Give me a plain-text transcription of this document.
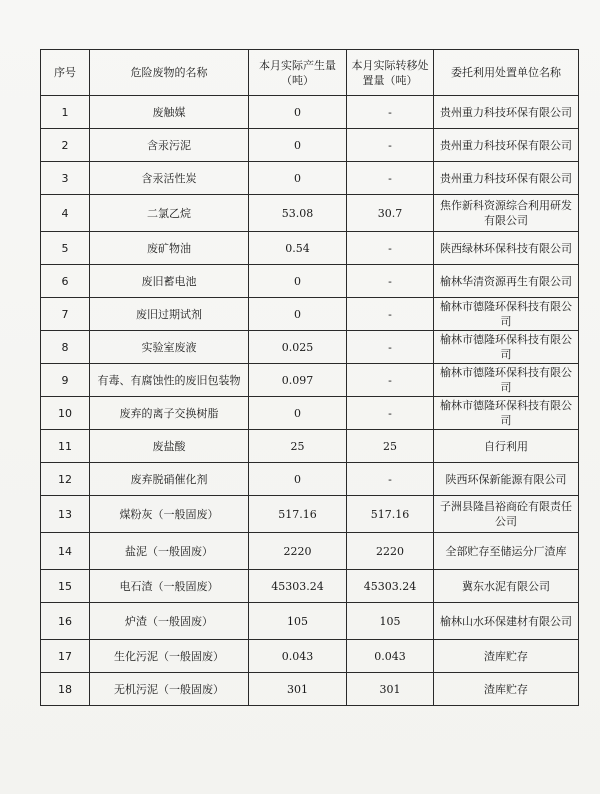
序号	危险废物的名称	本月实际产生量（吨）	本月实际转移处置量（吨）	委托利用处置单位名称
1	废触媒	0	-	贵州重力科技环保有限公司
2	含汞污泥	0	-	贵州重力科技环保有限公司
3	含汞活性炭	0	-	贵州重力科技环保有限公司
4	二氯乙烷	53.08	30.7	焦作新科资源综合利用研发有限公司
5	废矿物油	0.54	-	陕西绿林环保科技有限公司
6	废旧蓄电池	0	-	榆林华清资源再生有限公司
7	废旧过期试剂	0	-	榆林市德隆环保科技有限公司
8	实验室废液	0.025	-	榆林市德隆环保科技有限公司
9	有毒、有腐蚀性的废旧包装物	0.097	-	榆林市德隆环保科技有限公司
10	废弃的离子交换树脂	0	-	榆林市德隆环保科技有限公司
11	废盐酸	25	25	自行利用
12	废弃脱硝催化剂	0	-	陕西环保新能源有限公司
13	煤粉灰（一般固废）	517.16	517.16	子洲县隆昌裕商砼有限责任公司
14	盐泥（一般固废）	2220	2220	全部贮存至储运分厂渣库
15	电石渣（一般固废）	45303.24	45303.24	冀东水泥有限公司
16	炉渣（一般固废）	105	105	榆林山水环保建材有限公司
17	生化污泥（一般固废）	0.043	0.043	渣库贮存
18	无机污泥（一般固废）	301	301	渣库贮存
